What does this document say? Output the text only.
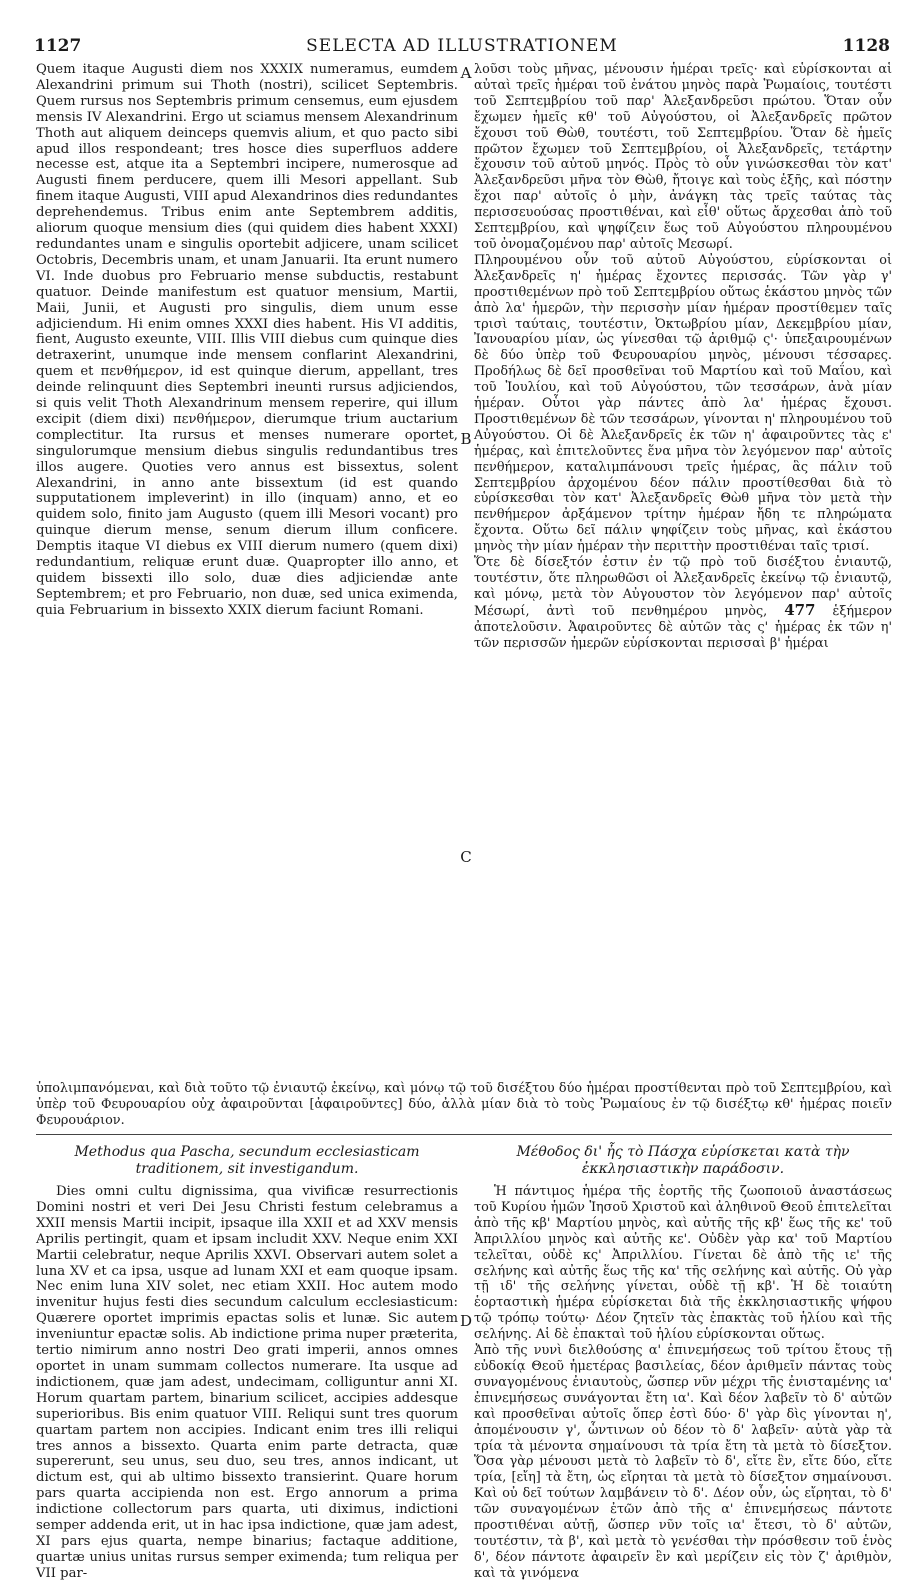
1127	SELECTA AD ILLUSTRATIONEM	1128

Quem itaque Augusti diem nos XXXIX numeramus, eumdem Alexandrini primum sui Thoth (nostri), scilicet Septembris. Quem rursus nos Septembris primum censemus, eum ejusdem mensis IV Alexandrini. Ergo ut sciamus mensem Alexandrinum Thoth aut aliquem deinceps quemvis alium, et quo pacto sibi apud illos respondeant; tres hosce dies superfluos addere necesse est, atque ita a Septembri incipere, numerosque ad Augusti finem perducere, quem illi Mesori appellant. Sub finem itaque Augusti, VIII apud Alexandrinos dies redundantes deprehendemus. Tribus enim ante Septembrem additis, aliorum quoque mensium dies (qui quidem dies habent XXXI) redundantes unam e singulis oportebit adjicere, unam scilicet Octobris, Decembris unam, et unam Januarii. Ita erunt numero VI. Inde duobus pro Februario mense subductis, restabunt quatuor. Deinde manifestum est quatuor mensium, Martii, Maii, Junii, et Augusti pro singulis, diem unum esse adjiciendum. Hi enim omnes XXXI dies habent. His VI additis, fient, Augusto exeunte, VIII. Illis VIII diebus cum quinque dies detraxerint, unumque inde mensem conflarint Alexandrini, quem et πενθήμερον, id est quinque dierum, appellant, tres deinde relinquunt dies Septembri ineunti rursus adjiciendos, si quis velit Thoth Alexandrinum mensem reperire, qui illum excipit (diem dixi) πενθήμερον, dierumque trium auctarium complectitur. Ita rursus et menses numerare oportet, singulorumque mensium diebus singulis redundantibus tres illos augere. Quoties vero annus est bissextus, solent Alexandrini, in anno ante bissextum (id est quando supputationem impleverint) in illo (inquam) anno, et eo quidem solo, finito jam Augusto (quem illi Mesori vocant) pro quinque dierum mense, senum dierum illum conficere. Demptis itaque VI diebus ex VIII dierum numero (quem dixi) redundantium, reliquæ erunt duæ. Quapropter illo anno, et quidem bissexti illo solo, duæ dies adjiciendæ ante Septembrem; et pro Februario, non duæ, sed unica eximenda, quia Februarium in bissexto XXIX dierum faciunt Romani.

A
B
C
D

λοῦσι τοὺς μῆνας, μένουσιν ἡμέραι τρεῖς· καὶ εὑρίσκονται αἱ αὐταὶ τρεῖς ἡμέραι τοῦ ἐνάτου μηνὸς παρὰ Ῥωμαίοις, τουτέστι τοῦ Σεπτεμβρίου τοῦ παρ' Ἀλεξανδρεῦσι πρώτου. Ὅταν οὖν ἔχωμεν ἡμεῖς κθ' τοῦ Αὐγούστου, οἱ Ἀλεξανδρεῖς πρῶτον ἔχουσι τοῦ Θὼθ, τουτέστι, τοῦ Σεπτεμβρίου. Ὅταν δὲ ἡμεῖς πρῶτον ἔχωμεν τοῦ Σεπτεμβρίου, οἱ Ἀλεξανδρεῖς, τετάρτην ἔχουσιν τοῦ αὐτοῦ μηνός. Πρὸς τὸ οὖν γινώσκεσθαι τὸν κατ' Ἀλεξανδρεῦσι μῆνα τὸν Θὼθ, ἤτοιγε καὶ τοὺς ἑξῆς, καὶ πόστην ἔχοι παρ' αὐτοῖς ὁ μὴν, ἀνάγκη τὰς τρεῖς ταύτας τὰς περισσευούσας προστιθέναι, καὶ εἶθ' οὕτως ἄρχεσθαι ἀπὸ τοῦ Σεπτεμβρίου, καὶ ψηφίζειν ἕως τοῦ Αὐγούστου πληρουμένου τοῦ ὀνομαζομένου παρ' αὐτοῖς Μεσωρί.

Πληρουμένου οὖν τοῦ αὐτοῦ Αὐγούστου, εὑρίσκονται οἱ Ἀλεξανδρεῖς η' ἡμέρας ἔχοντες περισσάς. Τῶν γὰρ γ' προστιθεμένων πρὸ τοῦ Σεπτεμβρίου οὕτως ἑκάστου μηνὸς τῶν ἀπὸ λα' ἡμερῶν, τὴν περισσὴν μίαν ἡμέραν προστίθεμεν ταῖς τρισὶ ταύταις, τουτέστιν, Ὀκτωβρίου μίαν, Δεκεμβρίου μίαν, Ἰανουαρίου μίαν, ὡς γίνεσθαι τῷ ἀριθμῷ ς'· ὑπεξαιρουμένων δὲ δύο ὑπὲρ τοῦ Φευρουαρίου μηνὸς, μένουσι τέσσαρες. Προδήλως δὲ δεῖ προσθεῖναι τοῦ Μαρτίου καὶ τοῦ Μαΐου, καὶ τοῦ Ἰουλίου, καὶ τοῦ Αὐγούστου, τῶν τεσσάρων, ἀνὰ μίαν ἡμέραν. Οὗτοι γὰρ πάντες ἀπὸ λα' ἡμέρας ἔχουσι. Προστιθεμένων δὲ τῶν τεσσάρων, γίνονται η' πληρουμένου τοῦ Αὐγούστου. Οἱ δὲ Ἀλεξανδρεῖς ἐκ τῶν η' ἀφαιροῦντες τὰς ε' ἡμέρας, καὶ ἐπιτελοῦντες ἕνα μῆνα τὸν λεγόμενον παρ' αὐτοῖς πενθήμερον, καταλιμπάνουσι τρεῖς ἡμέρας, ἃς πάλιν τοῦ Σεπτεμβρίου ἀρχομένου δέον πάλιν προστίθεσθαι διὰ τὸ εὑρίσκεσθαι τὸν κατ' Ἀλεξανδρεῖς Θὼθ μῆνα τὸν μετὰ τὴν πενθήμερον ἀρξάμενον τρίτην ἡμέραν ἤδη τε πληρώματα ἔχοντα. Οὕτω δεῖ πάλιν ψηφίζειν τοὺς μῆνας, καὶ ἑκάστου μηνὸς τὴν μίαν ἡμέραν τὴν περιττὴν προστιθέναι ταῖς τρισί.

Ὅτε δὲ δίσεξτόν ἐστιν ἐν τῷ πρὸ τοῦ δισέξτου ἐνιαυτῷ, τουτέστιν, ὅτε πληρωθῶσι οἱ Ἀλεξανδρεῖς ἐκείνῳ τῷ ἐνιαυτῷ, καὶ μόνῳ, μετὰ τὸν Αὐγουστον τὸν λεγόμενον παρ' αὐτοῖς Μέσωρί, ἀντὶ τοῦ πενθημέρου μηνὸς, 477 ἑξήμερον ἀποτελοῦσιν. Ἀφαιροῦντες δὲ αὐτῶν τὰς ς' ἡμέρας ἐκ τῶν η' τῶν περισσῶν ἡμερῶν εὑρίσκονται περισσαὶ β' ἡμέραι

ὑπολιμπανόμεναι, καὶ διὰ τοῦτο τῷ ἐνιαυτῷ ἐκείνῳ, καὶ μόνῳ τῷ τοῦ δισέξτου δύο ἡμέραι προστίθενται πρὸ τοῦ Σεπτεμβρίου, καὶ ὑπὲρ τοῦ Φευρουαρίου οὐχ ἀφαιροῦνται [ἀφαιροῦντες] δύο, ἀλλὰ μίαν διὰ τὸ τοὺς Ῥωμαίους ἐν τῷ δισέξτῳ κθ' ἡμέρας ποιεῖν Φευρουάριον.
Methodus qua Pascha, secundum ecclesiasticam traditionem, sit investigandum.

Dies omni cultu dignissima, qua vivificæ resurrectionis Domini nostri et veri Dei Jesu Christi festum celebramus a XXII mensis Martii incipit, ipsaque illa XXII et ad XXV mensis Aprilis pertingit, quam et ipsam includit XXV. Neque enim XXI Martii celebratur, neque Aprilis XXVI. Observari autem solet a luna XV et ca ipsa, usque ad lunam XXI et eam quoque ipsam. Nec enim luna XIV solet, nec etiam XXII. Hoc autem modo invenitur hujus festi dies secundum calculum ecclesiasticum: Quærere oportet imprimis epactas solis et lunæ. Sic autem inveniuntur epactæ solis. Ab indictione prima nuper præterita, tertio nimirum anno nostri Deo grati imperii, annos omnes oportet in unam summam collectos numerare. Ita usque ad indictionem, quæ jam adest, undecimam, colliguntur anni XI. Horum quartam partem, binarium scilicet, accipies addesque superioribus. Bis enim quatuor VIII. Reliqui sunt tres quorum quartam partem non accipies. Indicant enim tres illi reliqui tres annos a bissexto. Quarta enim parte detracta, quæ supererunt, seu unus, seu duo, seu tres, annos indicant, ut dictum est, qui ab ultimo bissexto transierint. Quare horum pars quarta accipienda non est. Ergo annorum a prima indictione collectorum pars quarta, uti diximus, indictioni semper addenda erit, ut in hac ipsa indictione, quæ jam adest, XI pars ejus quarta, nempe binarius; factaque additione, quartæ unius unitas rursus semper eximenda; tum reliqua per VII par-

Μέθοδος δι' ἧς τὸ Πάσχα εὑρίσκεται κατὰ τὴν ἐκκλησιαστικὴν παράδοσιν.

Ἡ πάντιμος ἡμέρα τῆς ἑορτῆς τῆς ζωοποιοῦ ἀναστάσεως τοῦ Κυρίου ἡμῶν Ἰησοῦ Χριστοῦ καὶ ἀληθινοῦ Θεοῦ ἐπιτελεῖται ἀπὸ τῆς κβ' Μαρτίου μηνὸς, καὶ αὐτῆς τῆς κβ' ἕως τῆς κε' τοῦ Ἀπριλλίου μηνὸς καὶ αὐτῆς κε'. Οὐδὲν γὰρ κα' τοῦ Μαρτίου τελεῖται, οὐδὲ κς' Ἀπριλλίου. Γίνεται δὲ ἀπὸ τῆς ιε' τῆς σελήνης καὶ αὐτῆς ἕως τῆς κα' τῆς σελήνης καὶ αὐτῆς. Οὐ γὰρ τῇ ιδ' τῆς σελήνης γίνεται, οὐδὲ τῇ κβ'. Ἡ δὲ τοιαύτη ἑορταστικὴ ἡμέρα εὑρίσκεται διὰ τῆς ἐκκλησιαστικῆς ψήφου τῷ τρόπῳ τούτῳ· Δέον ζητεῖν τὰς ἐπακτὰς τοῦ ἡλίου καὶ τῆς σελήνης. Αἱ δὲ ἐπακταὶ τοῦ ἡλίου εὑρίσκονται οὕτως.

Ἀπὸ τῆς νυνὶ διελθούσης α' ἐπινεμήσεως τοῦ τρίτου ἔτους τῇ εὐδοκίᾳ Θεοῦ ἡμετέρας βασιλείας, δέον ἀριθμεῖν πάντας τοὺς συναγομένους ἐνιαυτοὺς, ὥσπερ νῦν μέχρι τῆς ἐνισταμένης ια' ἐπινεμήσεως συνάγονται ἔτη ια'. Καὶ δέον λαβεῖν τὸ δ' αὐτῶν καὶ προσθεῖναι αὐτοῖς ὅπερ ἐστὶ δύο· δ' γὰρ δὶς γίνονται η', ἀπομένουσιν γ', ὧντινων οὐ δέον τὸ δ' λαβεῖν· αὐτὰ γὰρ τὰ τρία τὰ μένοντα σημαίνουσι τὰ τρία ἔτη τὰ μετὰ τὸ δίσεξτον. Ὅσα γὰρ μένουσι μετὰ τὸ λαβεῖν τὸ δ', εἴτε ἓν, εἴτε δύο, εἴτε τρία, [εἴη] τὰ ἔτη, ὡς εἴρηται τὰ μετὰ τὸ δίσεξτον σημαίνουσι. Καὶ οὐ δεῖ τούτων λαμβάνειν τὸ δ'. Δέον οὖν, ὡς εἴρηται, τὸ δ' τῶν συναγομένων ἐτῶν ἀπὸ τῆς α' ἐπινεμήσεως πάντοτε προστιθέναι αὐτῇ, ὥσπερ νῦν τοῖς ια' ἔτεσι, τὸ δ' αὐτῶν, τουτέστιν, τὰ β', καὶ μετὰ τὸ γενέσθαι τὴν πρόσθεσιν τοῦ ἑνὸς δ', δέον πάντοτε ἀφαιρεῖν ἓν καὶ μερίζειν εἰς τὸν ζ' ἀριθμὸν, καὶ τὰ γινόμενα
